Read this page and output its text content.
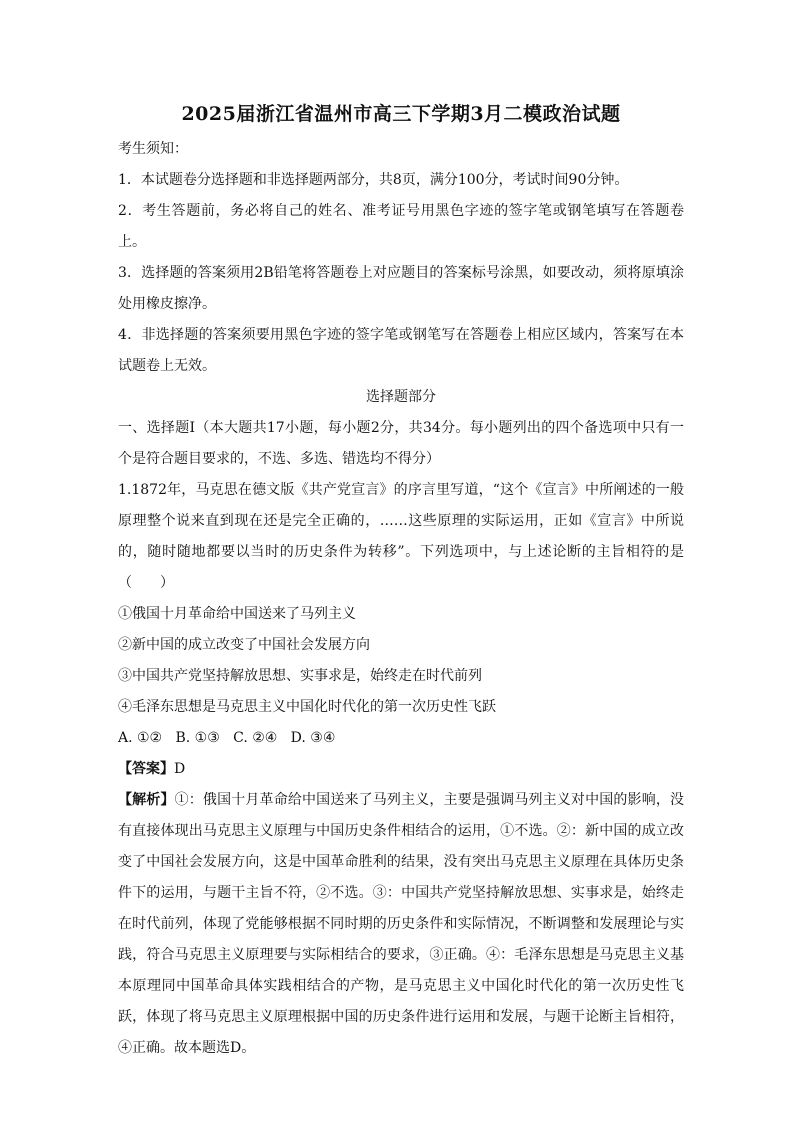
2025届浙江省温州市高三下学期3月二模政治试题

考生须知：

1．本试题卷分选择题和非选择题两部分，共8页，满分100分，考试时间90分钟。

2．考生答题前，务必将自己的姓名、准考证号用黑色字迹的签字笔或钢笔填写在答题卷上。

3．选择题的答案须用2B铅笔将答题卷上对应题目的答案标号涂黑，如要改动，须将原填涂处用橡皮擦净。

4．非选择题的答案须要用黑色字迹的签字笔或钢笔写在答题卷上相应区域内，答案写在本试题卷上无效。

选择题部分

一、选择题Ⅰ（本大题共17小题，每小题2分，共34分。每小题列出的四个备选项中只有一个是符合题目要求的，不选、多选、错选均不得分）

1.1872年，马克思在德文版《共产党宣言》的序言里写道，“这个《宣言》中所阐述的一般原理整个说来直到现在还是完全正确的，……这些原理的实际运用，正如《宣言》中所说的，随时随地都要以当时的历史条件为转移”。下列选项中，与上述论断的主旨相符的是（　　）

①俄国十月革命给中国送来了马列主义

②新中国的成立改变了中国社会发展方向

③中国共产党坚持解放思想、实事求是，始终走在时代前列

④毛泽东思想是马克思主义中国化时代化的第一次历史性飞跃

A. ①②   B. ①③   C. ②④   D. ③④

【答案】D

【解析】①：俄国十月革命给中国送来了马列主义，主要是强调马列主义对中国的影响，没有直接体现出马克思主义原理与中国历史条件相结合的运用，①不选。②：新中国的成立改变了中国社会发展方向，这是中国革命胜利的结果，没有突出马克思主义原理在具体历史条件下的运用，与题干主旨不符，②不选。③：中国共产党坚持解放思想、实事求是，始终走在时代前列，体现了党能够根据不同时期的历史条件和实际情况，不断调整和发展理论与实践，符合马克思主义原理要与实际相结合的要求，③正确。④：毛泽东思想是马克思主义基本原理同中国革命具体实践相结合的产物，是马克思主义中国化时代化的第一次历史性飞跃，体现了将马克思主义原理根据中国的历史条件进行运用和发展，与题干论断主旨相符，④正确。故本题选D。
